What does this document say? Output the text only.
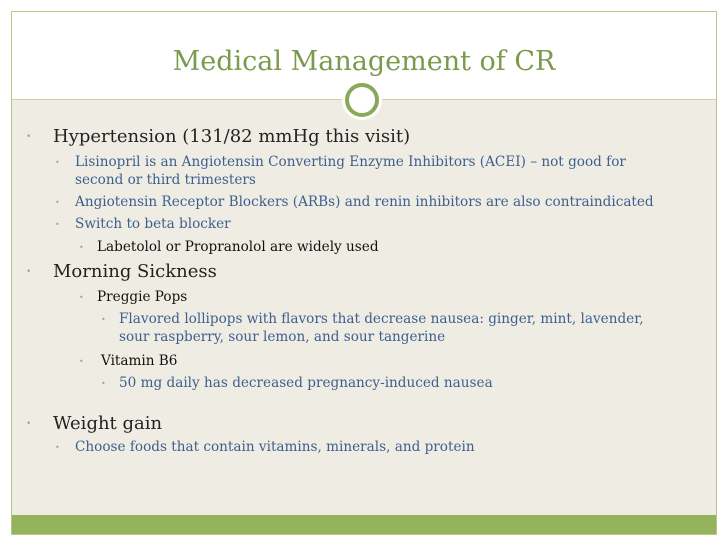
Medical Management of CR
• Hypertension (131/82 mmHg this visit)
• Lisinopril is an Angiotensin Converting Enzyme Inhibitors (ACEI) – not good for
second or third trimesters
• Angiotensin Receptor Blockers (ARBs) and renin inhibitors are also contraindicated
• Switch to beta blocker
• Labetolol or Propranolol are widely used
• Morning Sickness
• Preggie Pops
• Flavored lollipops with flavors that decrease nausea: ginger, mint, lavender,
sour raspberry, sour lemon, and sour tangerine
• Vitamin B6
• 50 mg daily has decreased pregnancy-induced nausea
• Weight gain
• Choose foods that contain vitamins, minerals, and protein
